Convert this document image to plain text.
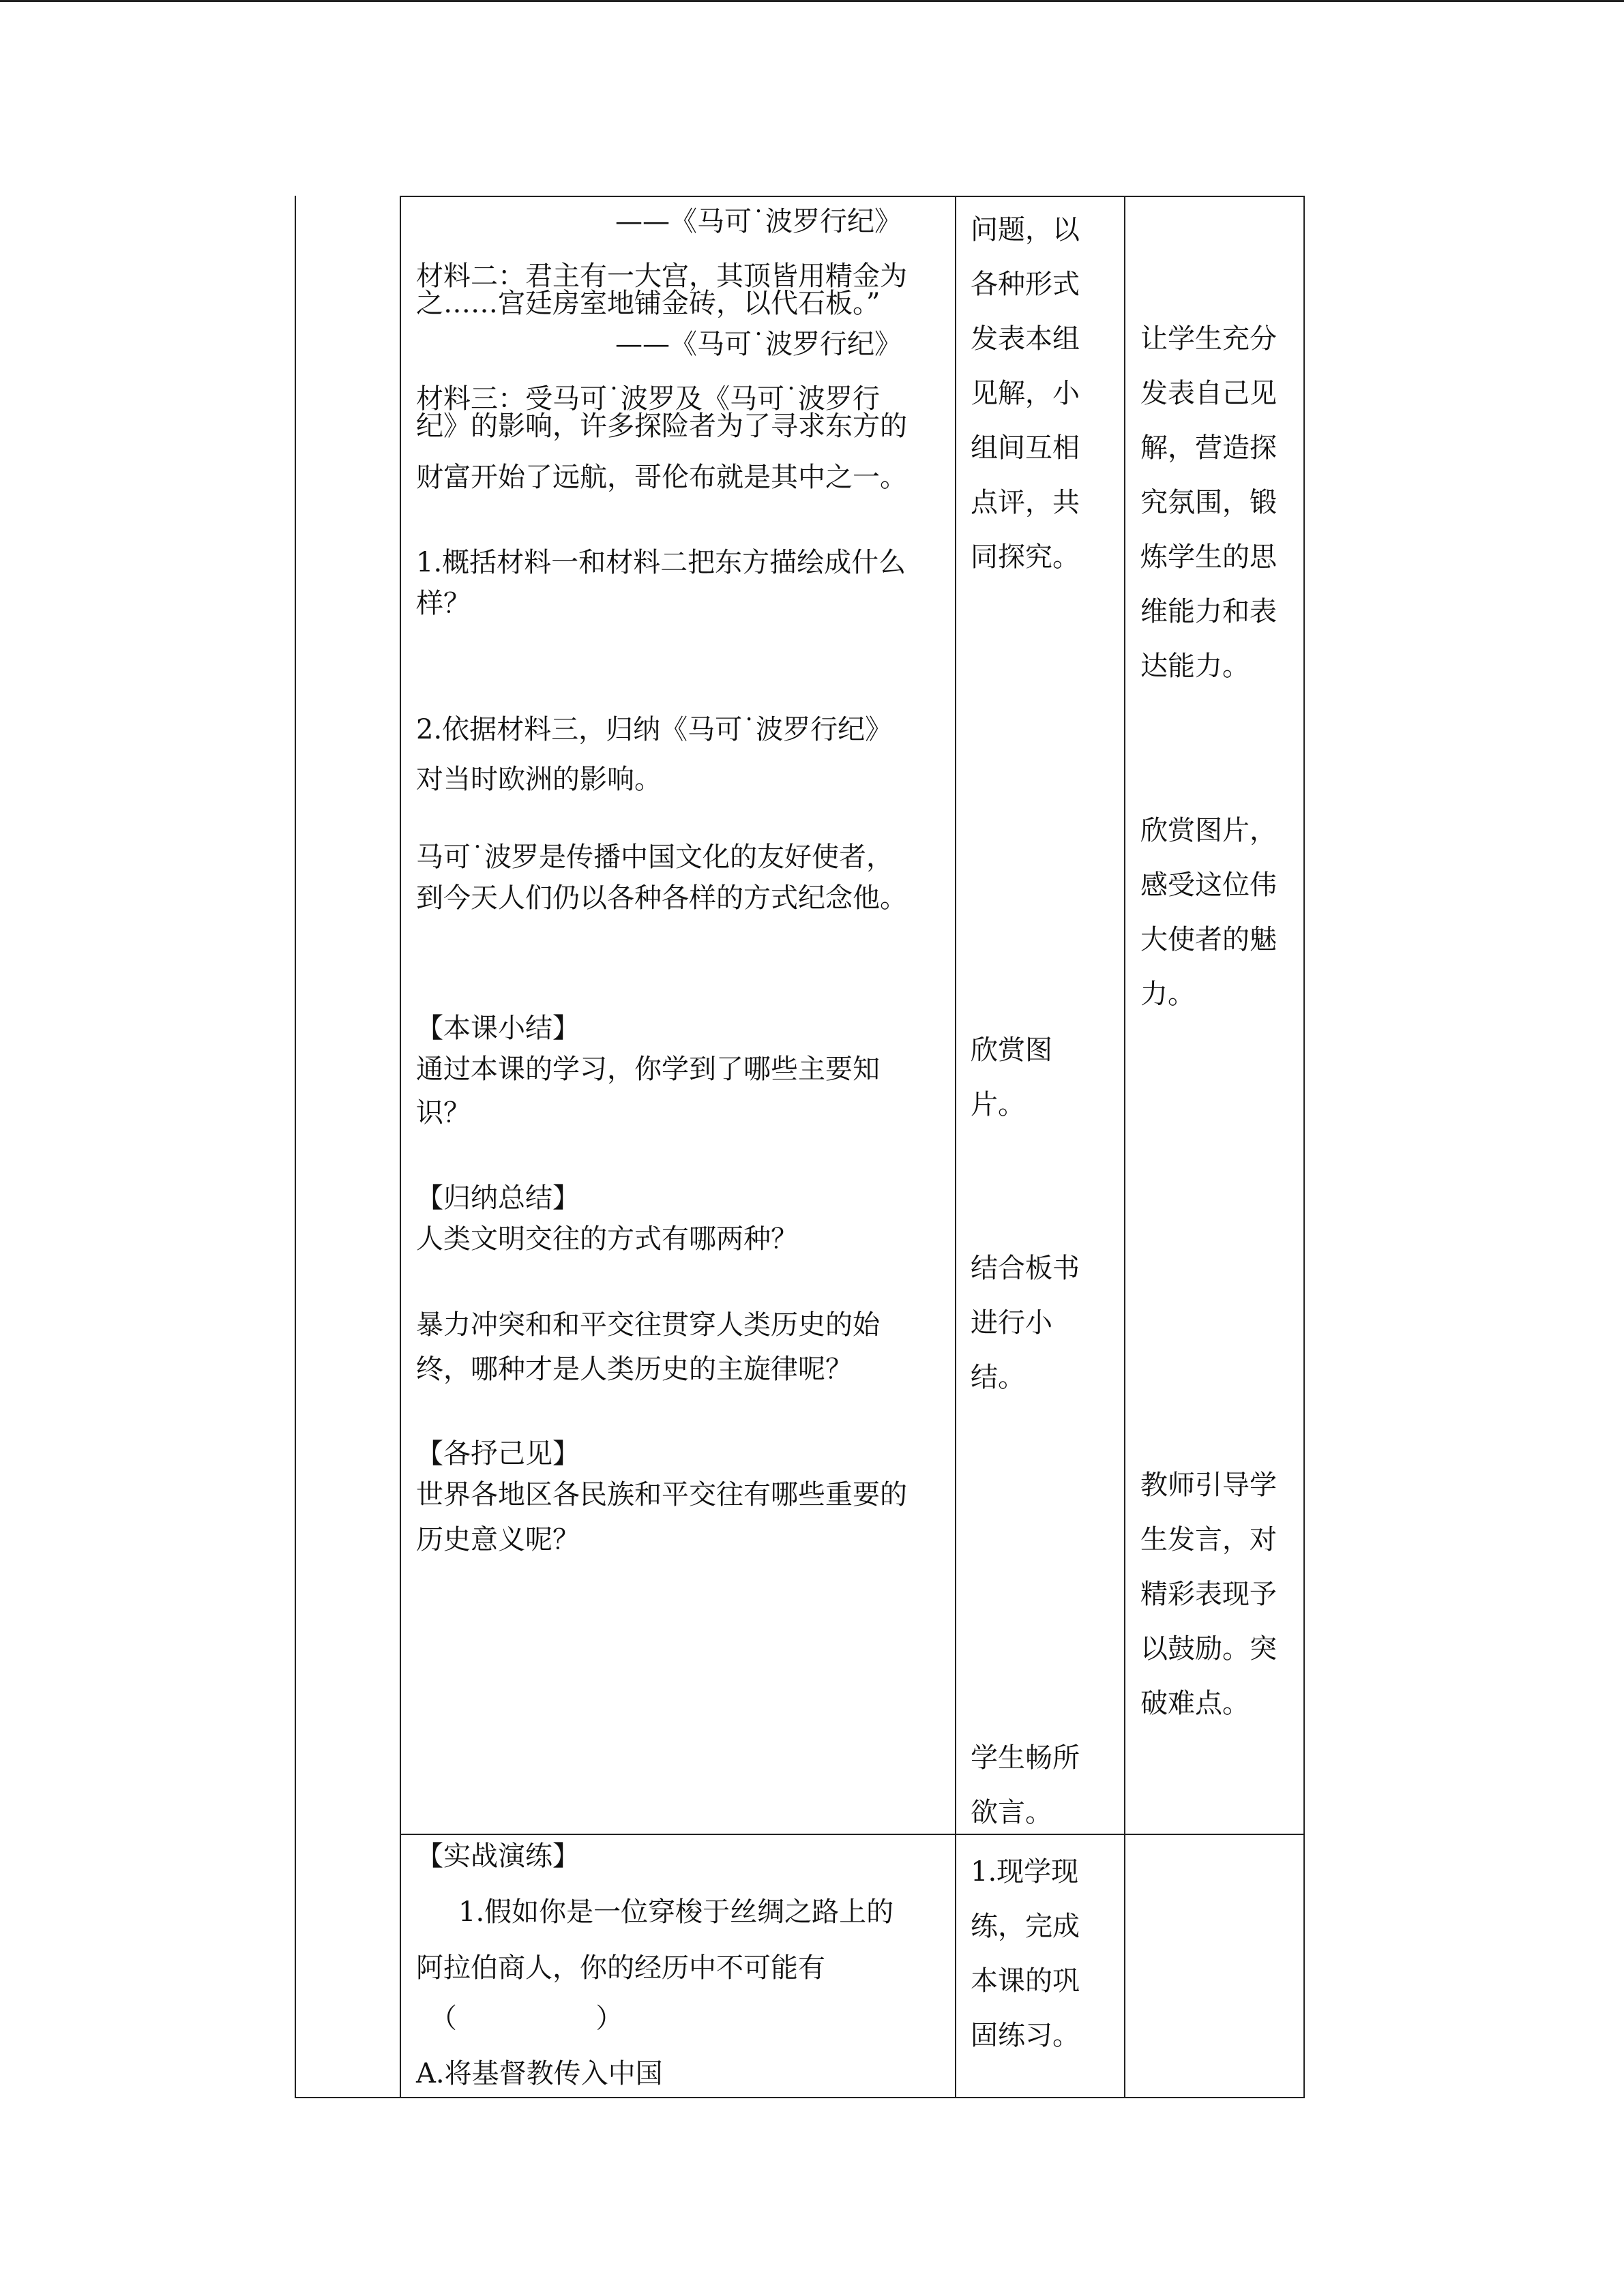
——《马可˙波罗行纪》
材料二：君主有一大宫，其顶皆用精金为
之……宫廷房室地铺金砖，以代石板。”
——《马可˙波罗行纪》
材料三：受马可˙波罗及《马可˙波罗行
纪》的影响，许多探险者为了寻求东方的
财富开始了远航，哥伦布就是其中之一。
1.概括材料一和材料二把东方描绘成什么
样？
2.依据材料三，归纳《马可˙波罗行纪》
对当时欧洲的影响。
马可˙波罗是传播中国文化的友好使者，
到今天人们仍以各种各样的方式纪念他。
【本课小结】
通过本课的学习，你学到了哪些主要知
识？
【归纳总结】
人类文明交往的方式有哪两种？
暴力冲突和和平交往贯穿人类历史的始
终，哪种才是人类历史的主旋律呢？
【各抒己见】
世界各地区各民族和平交往有哪些重要的
历史意义呢？
问题，以
各种形式
发表本组
见解，小
组间互相
点评，共
同探究。
欣赏图
片。
结合板书
进行小
结。
学生畅所
欲言。
让学生充分
发表自己见
解，营造探
究氛围，锻
炼学生的思
维能力和表
达能力。
欣赏图片，
感受这位伟
大使者的魅
力。
教师引导学
生发言，对
精彩表现予
以鼓励。突
破难点。
【实战演练】
1.假如你是一位穿梭于丝绸之路上的
阿拉伯商人，你的经历中不可能有
（                ）
A.将基督教传入中国
1.现学现
练，完成
本课的巩
固练习。
